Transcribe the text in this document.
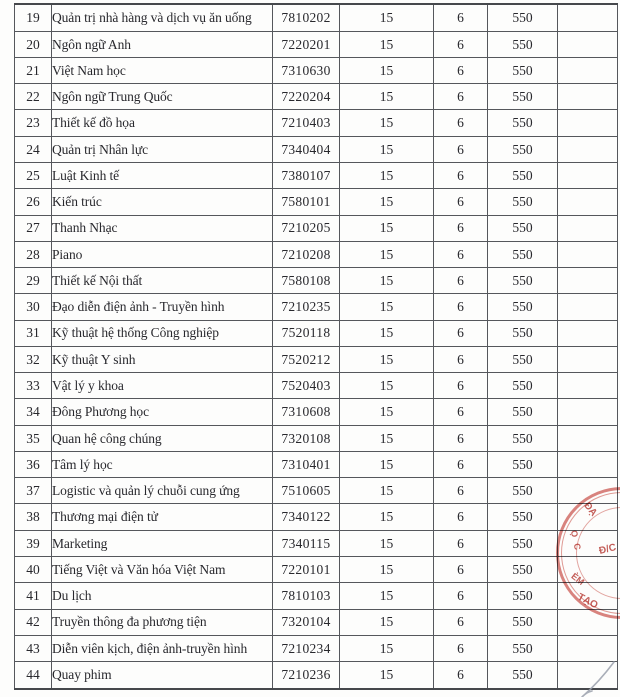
19	Quản trị nhà hàng và dịch vụ ăn uống	7810202	15	6	550	
20	Ngôn ngữ Anh	7220201	15	6	550	
21	Việt Nam học	7310630	15	6	550	
22	Ngôn ngữ Trung Quốc	7220204	15	6	550	
23	Thiết kế đồ họa	7210403	15	6	550	
24	Quản trị Nhân lực	7340404	15	6	550	
25	Luật Kinh tế	7380107	15	6	550	
26	Kiến trúc	7580101	15	6	550	
27	Thanh Nhạc	7210205	15	6	550	
28	Piano	7210208	15	6	550	
29	Thiết kế Nội thất	7580108	15	6	550	
30	Đạo diễn điện ảnh - Truyền hình	7210235	15	6	550	
31	Kỹ thuật hệ thống Công nghiệp	7520118	15	6	550	
32	Kỹ thuật Y sinh	7520212	15	6	550	
33	Vật lý y khoa	7520403	15	6	550	
34	Đông Phương học	7310608	15	6	550	
35	Quan hệ công chúng	7320108	15	6	550	
36	Tâm lý học	7310401	15	6	550	
37	Logistic và quản lý chuỗi cung ứng	7510605	15	6	550	
38	Thương mại điện tử	7340122	15	6	550	
39	Marketing	7340115	15	6	550	
40	Tiếng Việt và Văn hóa Việt Nam	7220101	15	6	550	
41	Du lịch	7810103	15	6	550	
42	Truyền thông đa phương tiện	7320104	15	6	550	
43	Diễn viên kịch, điện ảnh-truyền hình	7210234	15	6	550	
44	Quay phim	7210236	15	6	550	
ĐẠ
Ọ C Đ/C
ÈM
TẠO
